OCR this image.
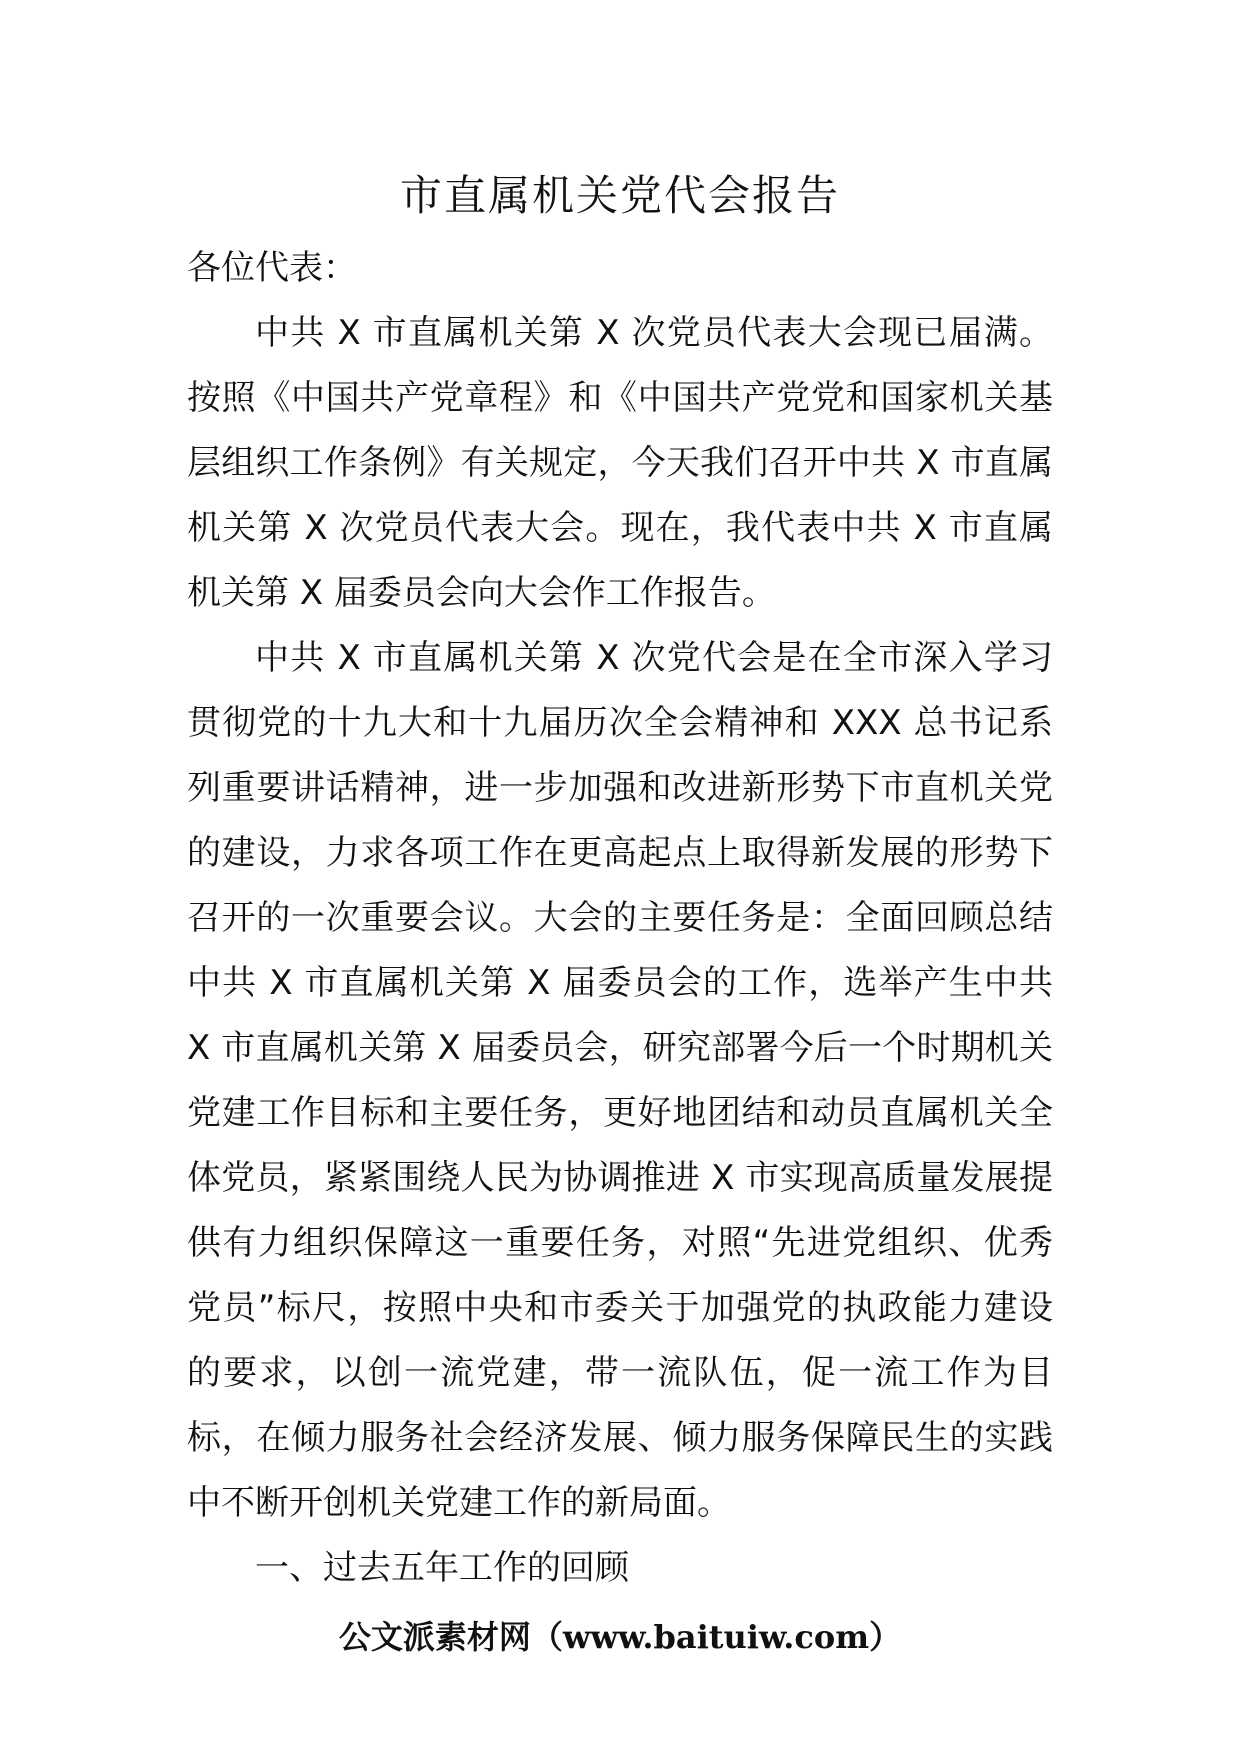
市直属机关党代会报告

各位代表：

中共 X 市直属机关第 X 次党员代表大会现已届满。按照《中国共产党章程》和《中国共产党党和国家机关基层组织工作条例》有关规定，今天我们召开中共 X 市直属机关第 X 次党员代表大会。现在，我代表中共 X 市直属机关第 X 届委员会向大会作工作报告。

中共 X 市直属机关第 X 次党代会是在全市深入学习贯彻党的十九大和十九届历次全会精神和 XXX 总书记系列重要讲话精神，进一步加强和改进新形势下市直机关党的建设，力求各项工作在更高起点上取得新发展的形势下召开的一次重要会议。大会的主要任务是：全面回顾总结中共 X 市直属机关第 X 届委员会的工作，选举产生中共 X 市直属机关第 X 届委员会，研究部署今后一个时期机关党建工作目标和主要任务，更好地团结和动员直属机关全体党员，紧紧围绕人民为协调推进 X 市实现高质量发展提供有力组织保障这一重要任务，对照“先进党组织、优秀党员”标尺，按照中央和市委关于加强党的执政能力建设的要求，以创一流党建，带一流队伍，促一流工作为目标，在倾力服务社会经济发展、倾力服务保障民生的实践中不断开创机关党建工作的新局面。

一、过去五年工作的回顾

公文派素材网（www.baituiw.com）
